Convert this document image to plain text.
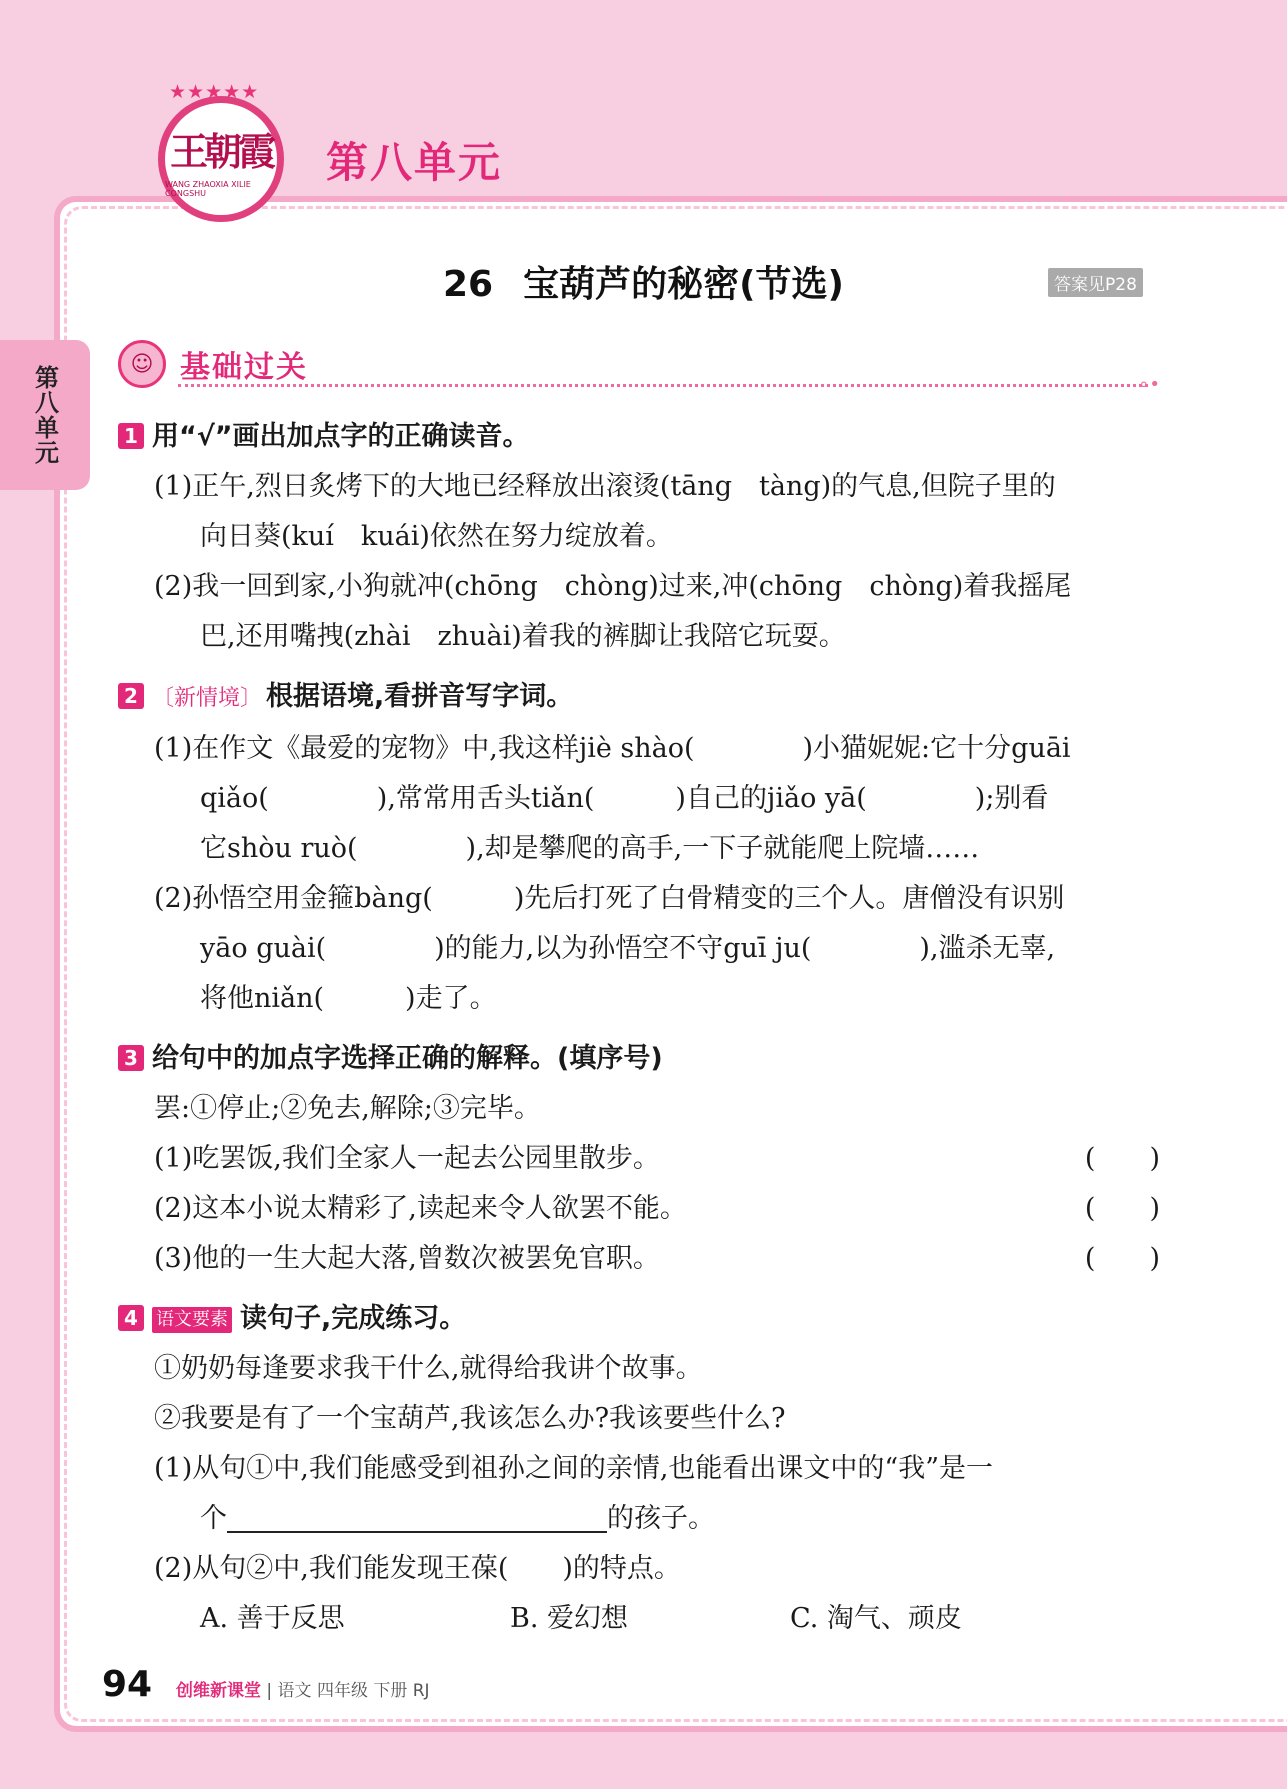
★★★★★
王朝霞
WANG ZHAOXIA XILIE CONGSHU
第八单元
第八单元
26 宝葫芦的秘密(节选)	答案见P28
☺ 基础过关	∘•
1 用“√”画出加点字的正确读音。
(1)正午,烈日炙烤下的大地已经释放出滚烫(tāng　tàng)的气息,但院子里的
向日葵(kuí　kuái)依然在努力绽放着。
(2)我一回到家,小狗就冲(chōng　chòng)过来,冲(chōng　chòng)着我摇尾
巴,还用嘴拽(zhài　zhuài)着我的裤脚让我陪它玩耍。
2 〔新情境〕 根据语境,看拼音写字词。
(1)在作文《最爱的宠物》中,我这样jiè shào(　　　　)小猫妮妮:它十分guāi
qiǎo(　　　　),常常用舌头tiǎn(　　　)自己的jiǎo yā(　　　　);别看
它shòu ruò(　　　　),却是攀爬的高手,一下子就能爬上院墙……
(2)孙悟空用金箍bàng(　　　)先后打死了白骨精变的三个人。唐僧没有识别
yāo guài(　　　　)的能力,以为孙悟空不守guī ju(　　　　),滥杀无辜,
将他niǎn(　　　)走了。
3 给句中的加点字选择正确的解释。(填序号)
罢:①停止;②免去,解除;③完毕。
(1)吃罢饭,我们全家人一起去公园里散步。	(　　)
(2)这本小说太精彩了,读起来令人欲罢不能。	(　　)
(3)他的一生大起大落,曾数次被罢免官职。	(　　)
4 语文要素 读句子,完成练习。
①奶奶每逢要求我干什么,就得给我讲个故事。
②我要是有了一个宝葫芦,我该怎么办?我该要些什么?
(1)从句①中,我们能感受到祖孙之间的亲情,也能看出课文中的“我”是一
个	的孩子。
(2)从句②中,我们能发现王葆(　　)的特点。
A. 善于反思	B. 爱幻想	C. 淘气、顽皮
94 创维新课堂 | 语文 四年级 下册 RJ
